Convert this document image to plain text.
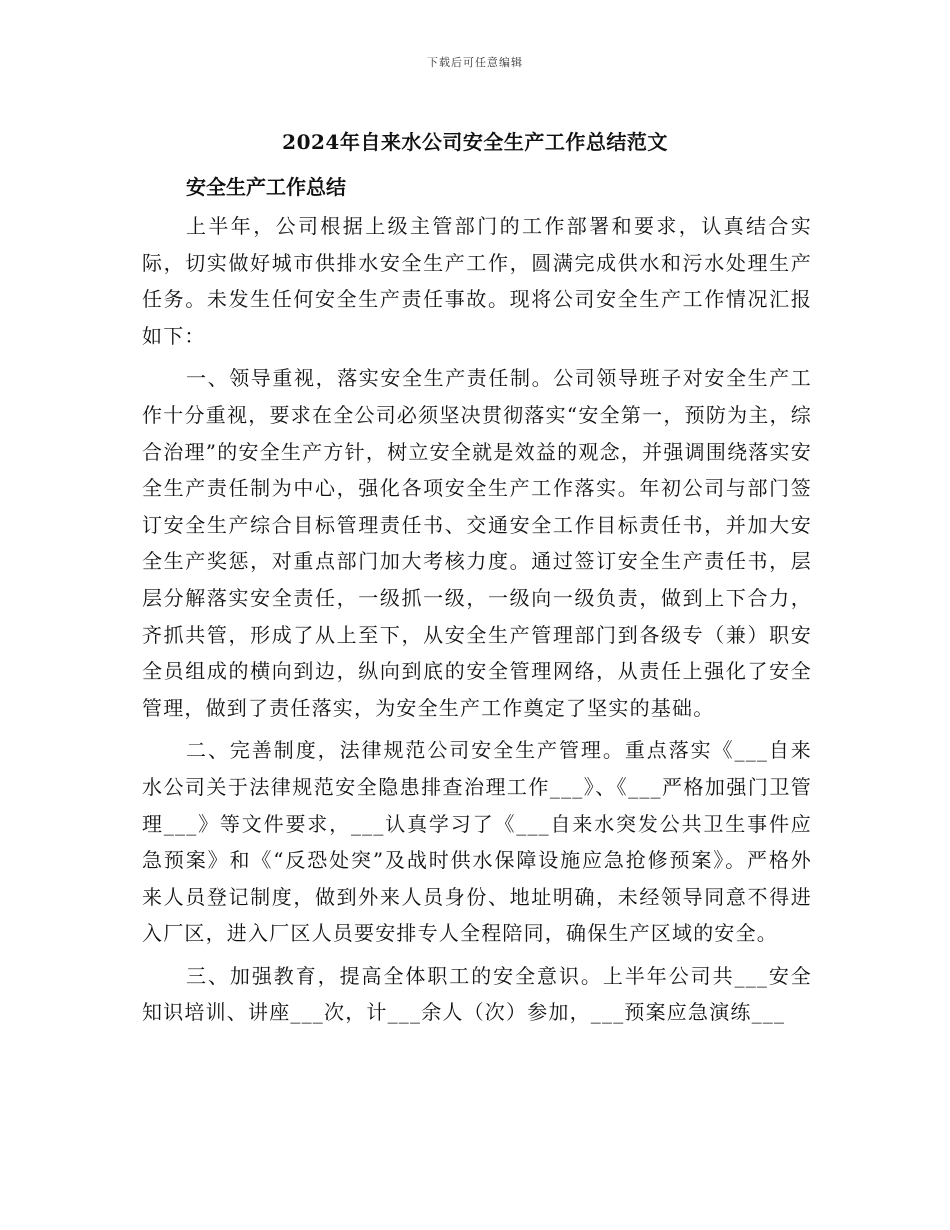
下载后可任意编辑
2024年自来水公司安全生产工作总结范文
安全生产工作总结

上半年，公司根据上级主管部门的工作部署和要求，认真结合实际，切实做好城市供排水安全生产工作，圆满完成供水和污水处理生产任务。未发生任何安全生产责任事故。现将公司安全生产工作情况汇报如下：

一、领导重视，落实安全生产责任制。公司领导班子对安全生产工作十分重视，要求在全公司必须坚决贯彻落实“安全第一，预防为主，综合治理”的安全生产方针，树立安全就是效益的观念，并强调围绕落实安全生产责任制为中心，强化各项安全生产工作落实。年初公司与部门签订安全生产综合目标管理责任书、交通安全工作目标责任书，并加大安全生产奖惩，对重点部门加大考核力度。通过签订安全生产责任书，层层分解落实安全责任，一级抓一级，一级向一级负责，做到上下合力，齐抓共管，形成了从上至下，从安全生产管理部门到各级专（兼）职安全员组成的横向到边，纵向到底的安全管理网络，从责任上强化了安全管理，做到了责任落实，为安全生产工作奠定了坚实的基础。

二、完善制度，法律规范公司安全生产管理。重点落实《___自来水公司关于法律规范安全隐患排查治理工作___》、《___严格加强门卫管理___》等文件要求，___认真学习了《___自来水突发公共卫生事件应急预案》和《“反恐处突”及战时供水保障设施应急抢修预案》。严格外来人员登记制度，做到外来人员身份、地址明确，未经领导同意不得进入厂区，进入厂区人员要安排专人全程陪同，确保生产区域的安全。

三、加强教育，提高全体职工的安全意识。上半年公司共___安全知识培训、讲座___次，计___余人（次）参加，___预案应急演练___
